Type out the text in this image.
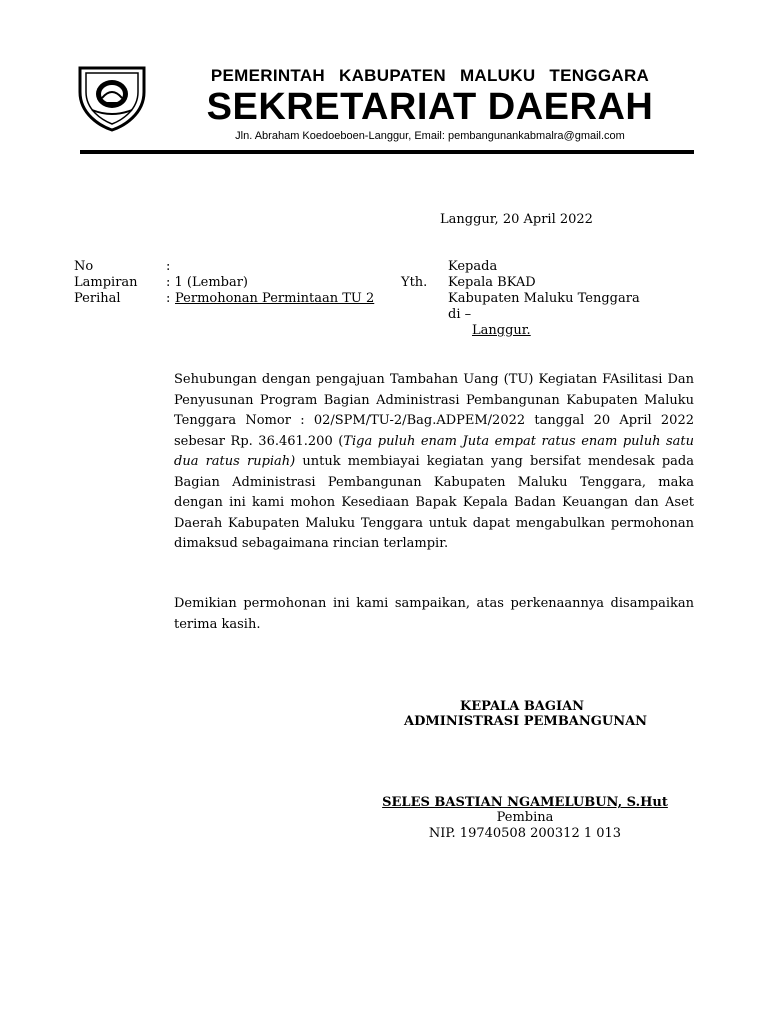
PEMERINTAH KABUPATEN MALUKU TENGGARA
SEKRETARIAT DAERAH
Jln. Abraham Koedoeboen-Langgur, Email: pembangunankabmalra@gmail.com
Langgur, 20 April 2022
No	:
Lampiran : 1 (Lembar)
Perihal	: Permohonan Permintaan TU 2
Yth.
Kepada
Kepala BKAD
Kabupaten Maluku Tenggara
di –
Langgur.
Sehubungan dengan pengajuan Tambahan Uang (TU) Kegiatan FAsilitasi Dan Penyusunan Program Bagian Administrasi Pembangunan Kabupaten Maluku Tenggara Nomor : 02/SPM/TU-2/Bag.ADPEM/2022 tanggal 20 April 2022 sebesar Rp. 36.461.200 (Tiga puluh enam Juta empat ratus enam puluh satu dua ratus rupiah) untuk membiayai kegiatan yang bersifat mendesak pada Bagian Administrasi Pembangunan Kabupaten Maluku Tenggara, maka dengan ini kami mohon Kesediaan Bapak Kepala Badan Keuangan dan Aset Daerah Kabupaten Maluku Tenggara untuk dapat mengabulkan permohonan dimaksud sebagaimana rincian terlampir.
Demikian permohonan ini kami sampaikan, atas perkenaannya disampaikan terima kasih.
KEPALA BAGIAN
ADMINISTRASI PEMBANGUNAN
SELES BASTIAN NGAMELUBUN, S.Hut
Pembina
NIP. 19740508 200312 1 013
